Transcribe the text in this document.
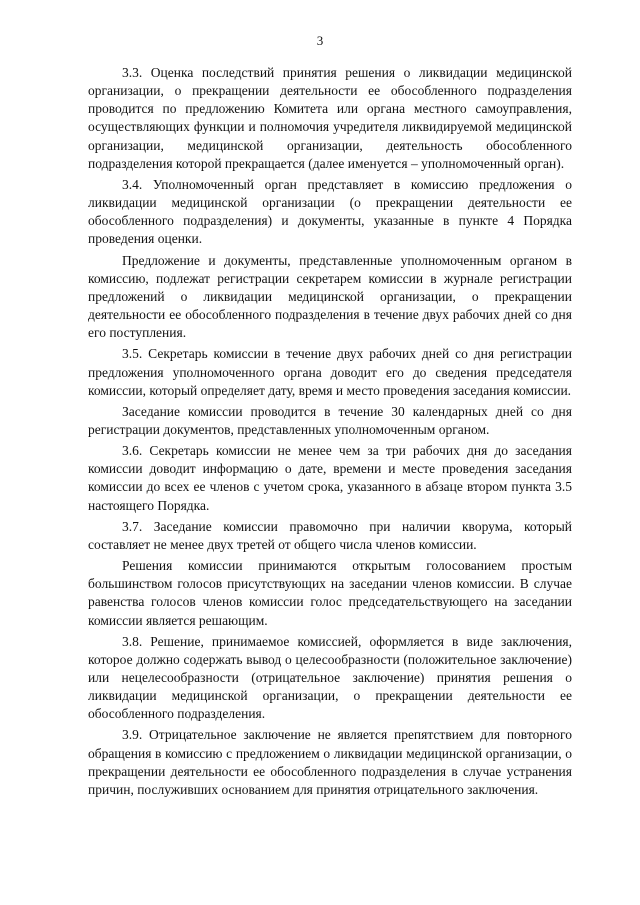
3

3.3. Оценка последствий принятия решения о ликвидации медицинской организации, о прекращении деятельности ее обособленного подразделения проводится по предложению Комитета или органа местного самоуправления, осуществляющих функции и полномочия учредителя ликвидируемой медицинской организации, медицинской организации, деятельность обособленного подразделения которой прекращается (далее именуется – уполномоченный орган).

3.4. Уполномоченный орган представляет в комиссию предложения о ликвидации медицинской организации (о прекращении деятельности ее обособленного подразделения) и документы, указанные в пункте 4 Порядка проведения оценки.

Предложение и документы, представленные уполномоченным органом в комиссию, подлежат регистрации секретарем комиссии в журнале регистрации предложений о ликвидации медицинской организации, о прекращении деятельности ее обособленного подразделения в течение двух рабочих дней со дня его поступления.

3.5. Секретарь комиссии в течение двух рабочих дней со дня регистрации предложения уполномоченного органа доводит его до сведения председателя комиссии, который определяет дату, время и место проведения заседания комиссии.

Заседание комиссии проводится в течение 30 календарных дней со дня регистрации документов, представленных уполномоченным органом.

3.6. Секретарь комиссии не менее чем за три рабочих дня до заседания комиссии доводит информацию о дате, времени и месте проведения заседания комиссии до всех ее членов с учетом срока, указанного в абзаце втором пункта 3.5 настоящего Порядка.

3.7. Заседание комиссии правомочно при наличии кворума, который составляет не менее двух третей от общего числа членов комиссии.

Решения комиссии принимаются открытым голосованием простым большинством голосов присутствующих на заседании членов комиссии. В случае равенства голосов членов комиссии голос председательствующего на заседании комиссии является решающим.

3.8. Решение, принимаемое комиссией, оформляется в виде заключения, которое должно содержать вывод о целесообразности (положительное заключение) или нецелесообразности (отрицательное заключение) принятия решения о ликвидации медицинской организации, о прекращении деятельности ее обособленного подразделения.

3.9. Отрицательное заключение не является препятствием для повторного обращения в комиссию с предложением о ликвидации медицинской организации, о прекращении деятельности ее обособленного подразделения в случае устранения причин, послуживших основанием для принятия отрицательного заключения.
